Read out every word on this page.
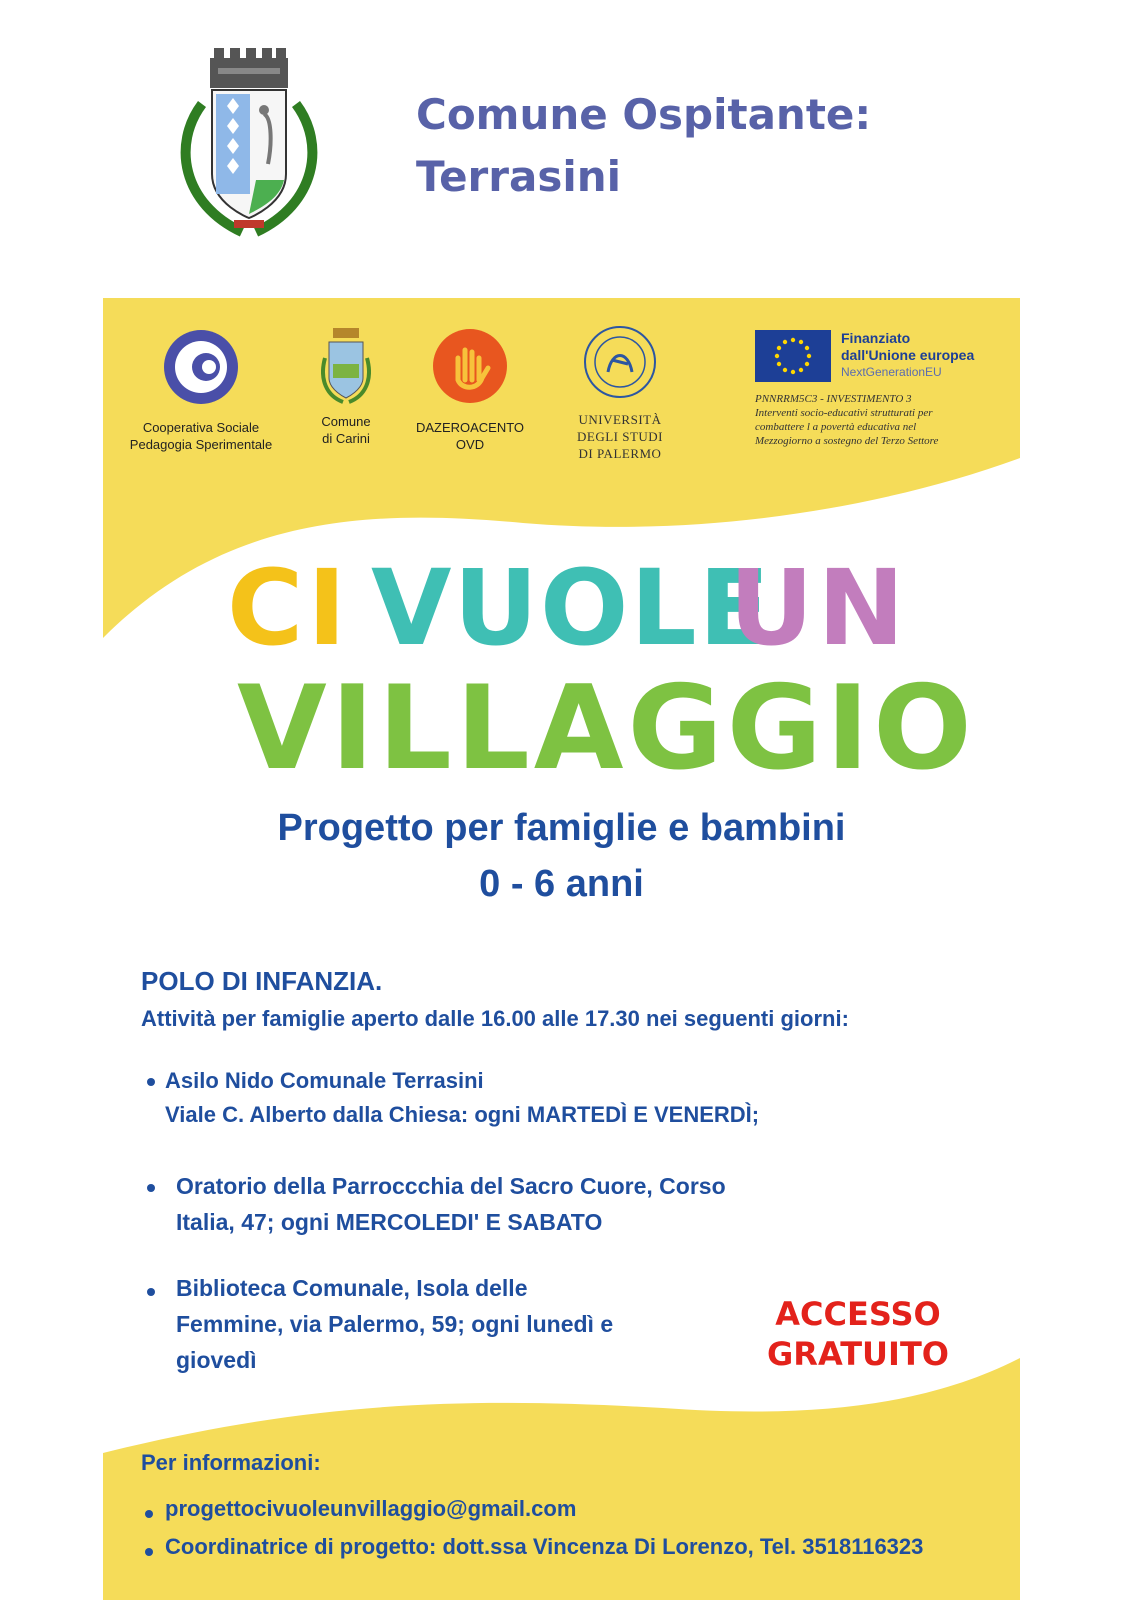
Comune Ospitante:
Terrasini
Cooperativa Sociale
Pedagogia Sperimentale
Comune
di Carini
DAZEROACENTO
OVD
UNIVERSITÀ
DEGLI STUDI
DI PALERMO
Finanziato
dall'Unione europea
NextGenerationEU
PNNRRM5C3 - INVESTIMENTO 3
Interventi socio-educativi strutturati per
combattere l a povertà educativa nel
Mezzogiorno a sostegno del Terzo Settore
CI VUOLE
UN
VILLAGGIO
Progetto per famiglie e bambini
0 - 6 anni
POLO DI INFANZIA.
Attività per famiglie aperto dalle 16.00 alle 17.30 nei seguenti giorni:
Asilo Nido Comunale Terrasini
Viale C. Alberto dalla Chiesa: ogni MARTEDÌ E VENERDÌ;
Oratorio della Parroccchia del Sacro Cuore, Corso
Italia, 47; ogni MERCOLEDI' E SABATO
Biblioteca Comunale, Isola delle
Femmine, via Palermo, 59; ogni lunedì e
giovedì
ACCESSO
GRATUITO
Per informazioni:
progettocivuoleunvillaggio@gmail.com
Coordinatrice di progetto: dott.ssa Vincenza Di Lorenzo, Tel. 3518116323
